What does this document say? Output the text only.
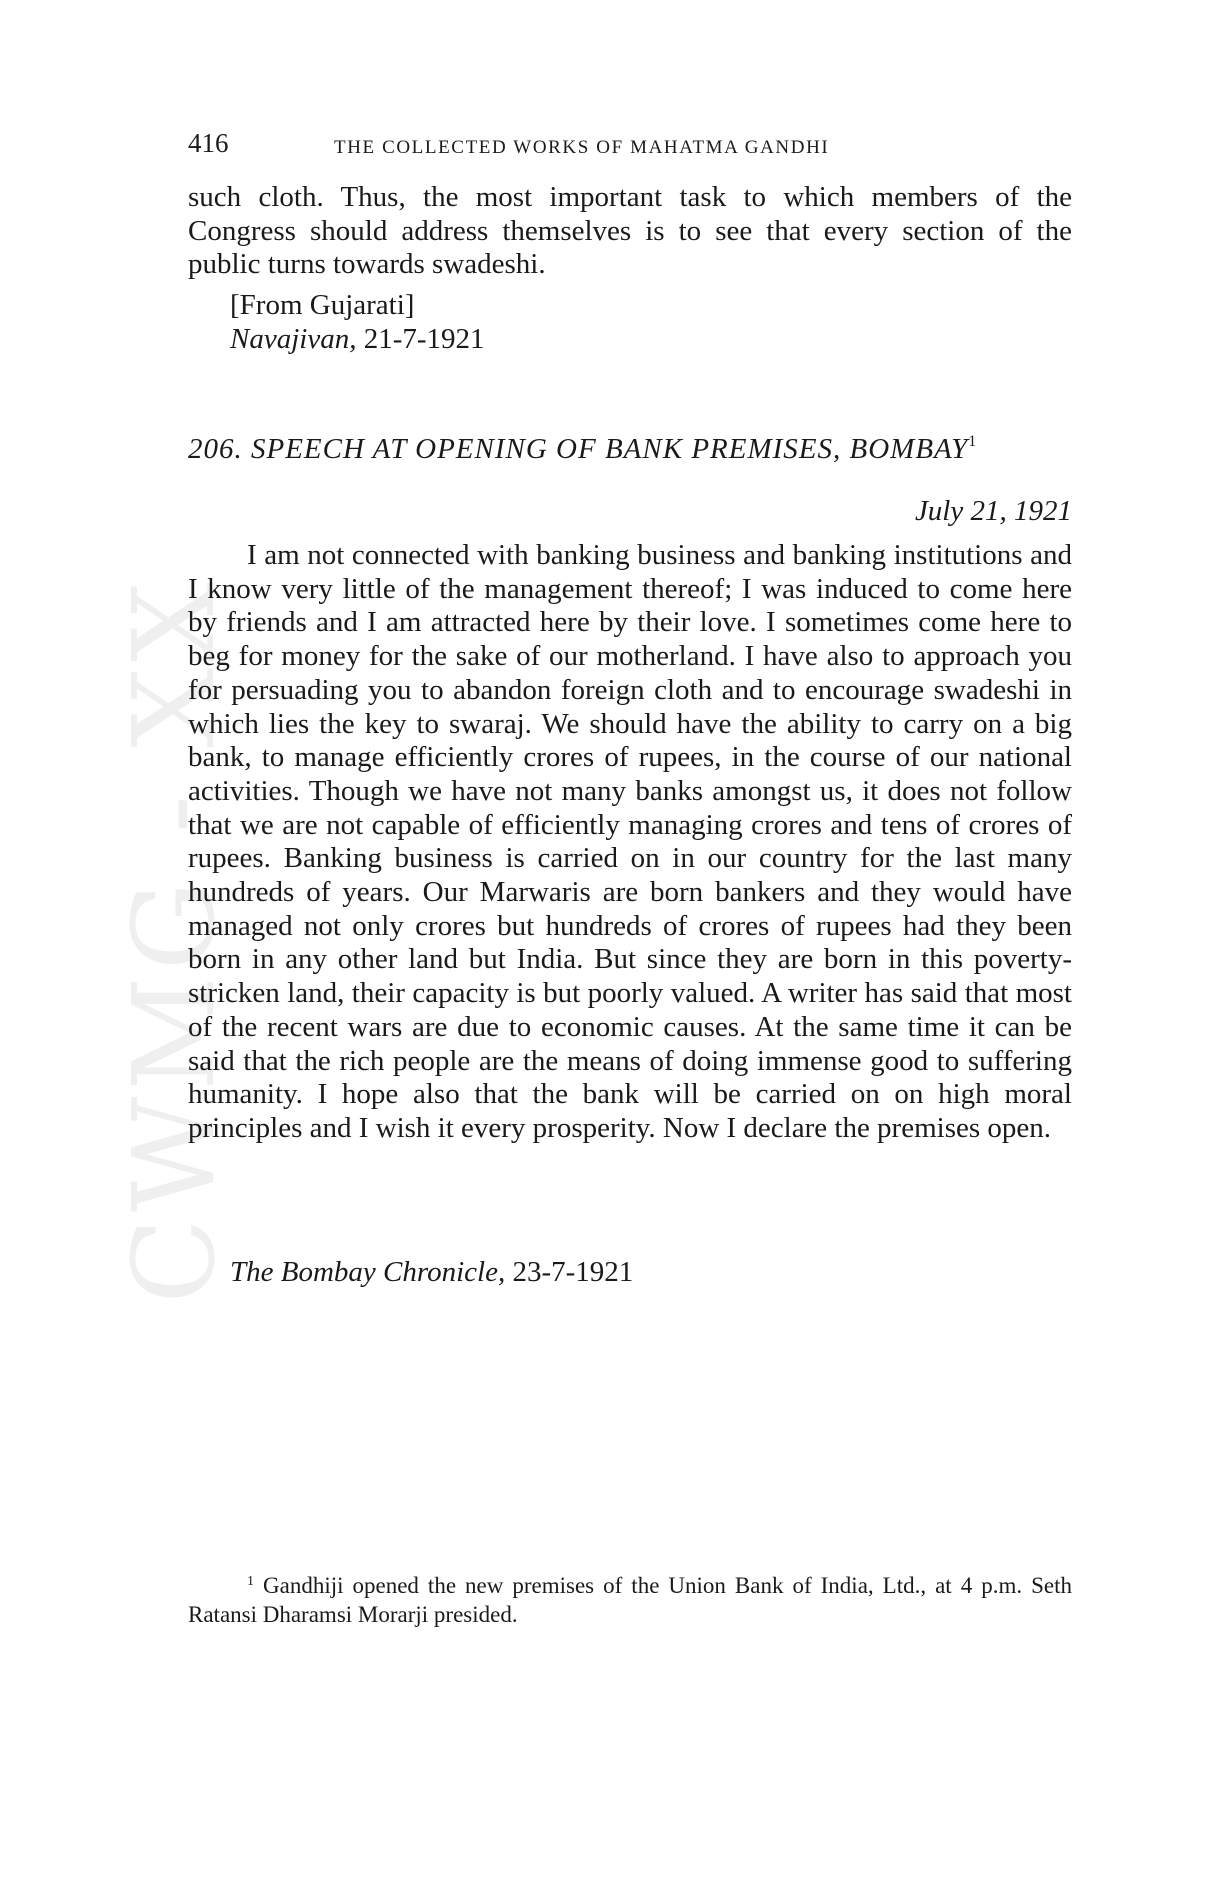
CWMG - XX
416	THE COLLECTED WORKS OF MAHATMA GANDHI

such cloth. Thus, the most important task to which members of the Congress should address themselves is to see that every section of the public turns towards swadeshi.

[From Gujarati]
Navajivan, 21-7-1921
206. SPEECH AT OPENING OF BANK PREMISES, BOMBAY$^1$
July 21, 1921

I am not connected with banking business and banking institutions and I know very little of the management thereof; I was induced to come here by friends and I am attracted here by their love. I sometimes come here to beg for money for the sake of our motherland. I have also to approach you for persuading you to abandon foreign cloth and to encourage swadeshi in which lies the key to swaraj. We should have the ability to carry on a big bank, to manage efficiently crores of rupees, in the course of our national activities. Though we have not many banks amongst us, it does not follow that we are not capable of efficiently managing crores and tens of crores of rupees. Banking business is carried on in our country for the last many hundreds of years. Our Marwaris are born bankers and they would have managed not only crores but hundreds of crores of rupees had they been born in any other land but India. But since they are born in this poverty-stricken land, their capacity is but poorly valued. A writer has said that most of the recent wars are due to economic causes. At the same time it can be said that the rich people are the means of doing immense good to suffering humanity. I hope also that the bank will be carried on on high moral principles and I wish it every prosperity. Now I declare the premises open.

The Bombay Chronicle, 23-7-1921

$^1$ Gandhiji opened the new premises of the Union Bank of India, Ltd., at 4 p.m. Seth Ratansi Dharamsi Morarji presided.
